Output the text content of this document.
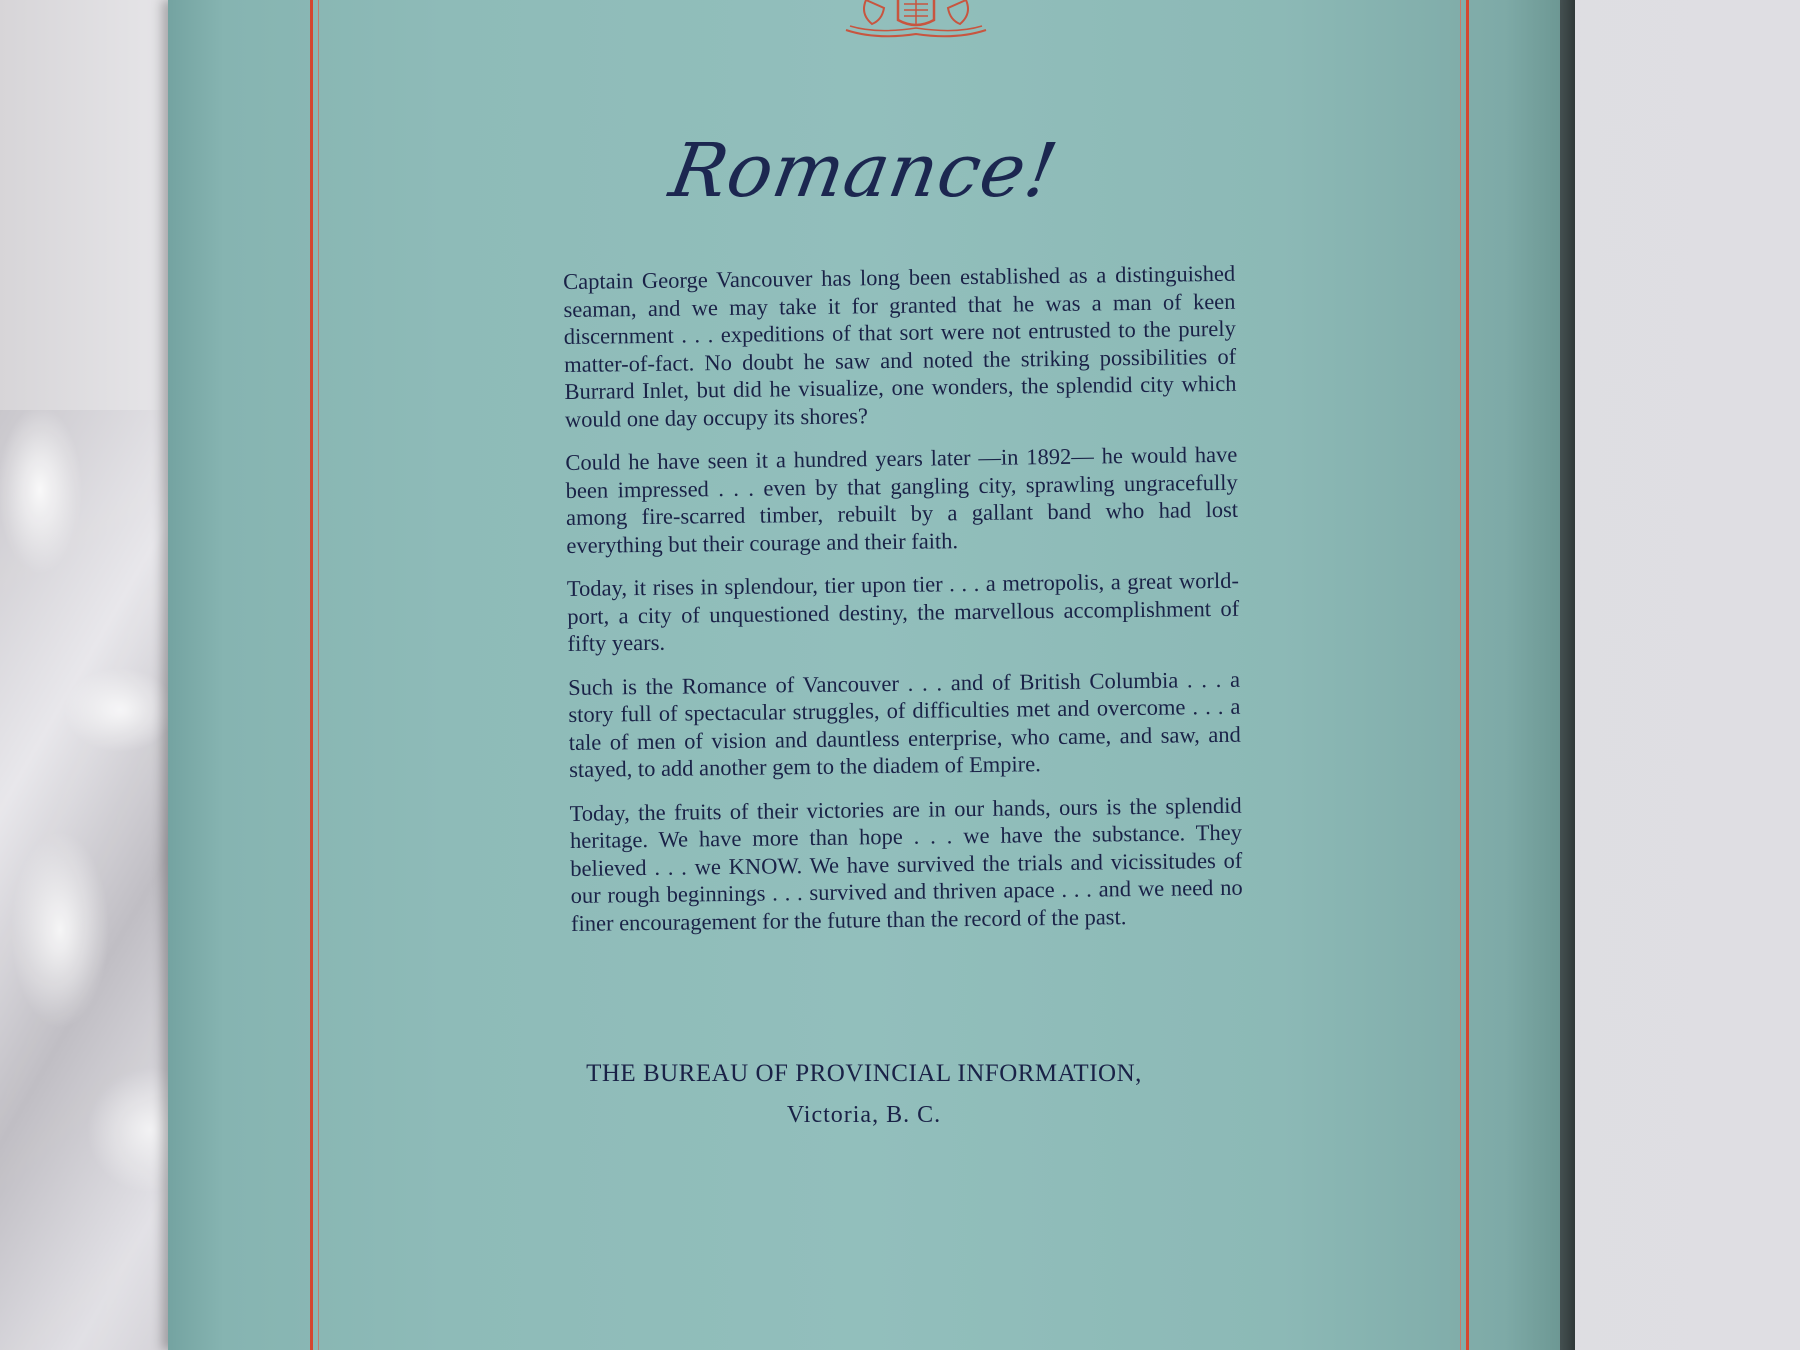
Romance!

Captain George Vancouver has long been established as a distinguished seaman, and we may take it for granted that he was a man of keen discernment . . . expeditions of that sort were not entrusted to the purely matter-of-fact. No doubt he saw and noted the striking possibilities of Burrard Inlet, but did he visualize, one wonders, the splendid city which would one day occupy its shores?

Could he have seen it a hundred years later —in 1892— he would have been impressed . . . even by that gangling city, sprawling ungracefully among fire-scarred timber, rebuilt by a gallant band who had lost everything but their courage and their faith.

Today, it rises in splendour, tier upon tier . . . a metropolis, a great world-port, a city of unquestioned destiny, the marvellous accomplishment of fifty years.

Such is the Romance of Vancouver . . . and of British Columbia . . . a story full of spectacular struggles, of difficulties met and overcome . . . a tale of men of vision and dauntless enterprise, who came, and saw, and stayed, to add another gem to the diadem of Empire.

Today, the fruits of their victories are in our hands, ours is the splendid heritage. We have more than hope . . . we have the substance. They believed . . . we KNOW. We have survived the trials and vicissitudes of our rough beginnings . . . survived and thriven apace . . . and we need no finer encouragement for the future than the record of the past.

THE BUREAU OF PROVINCIAL INFORMATION,
Victoria, B. C.
